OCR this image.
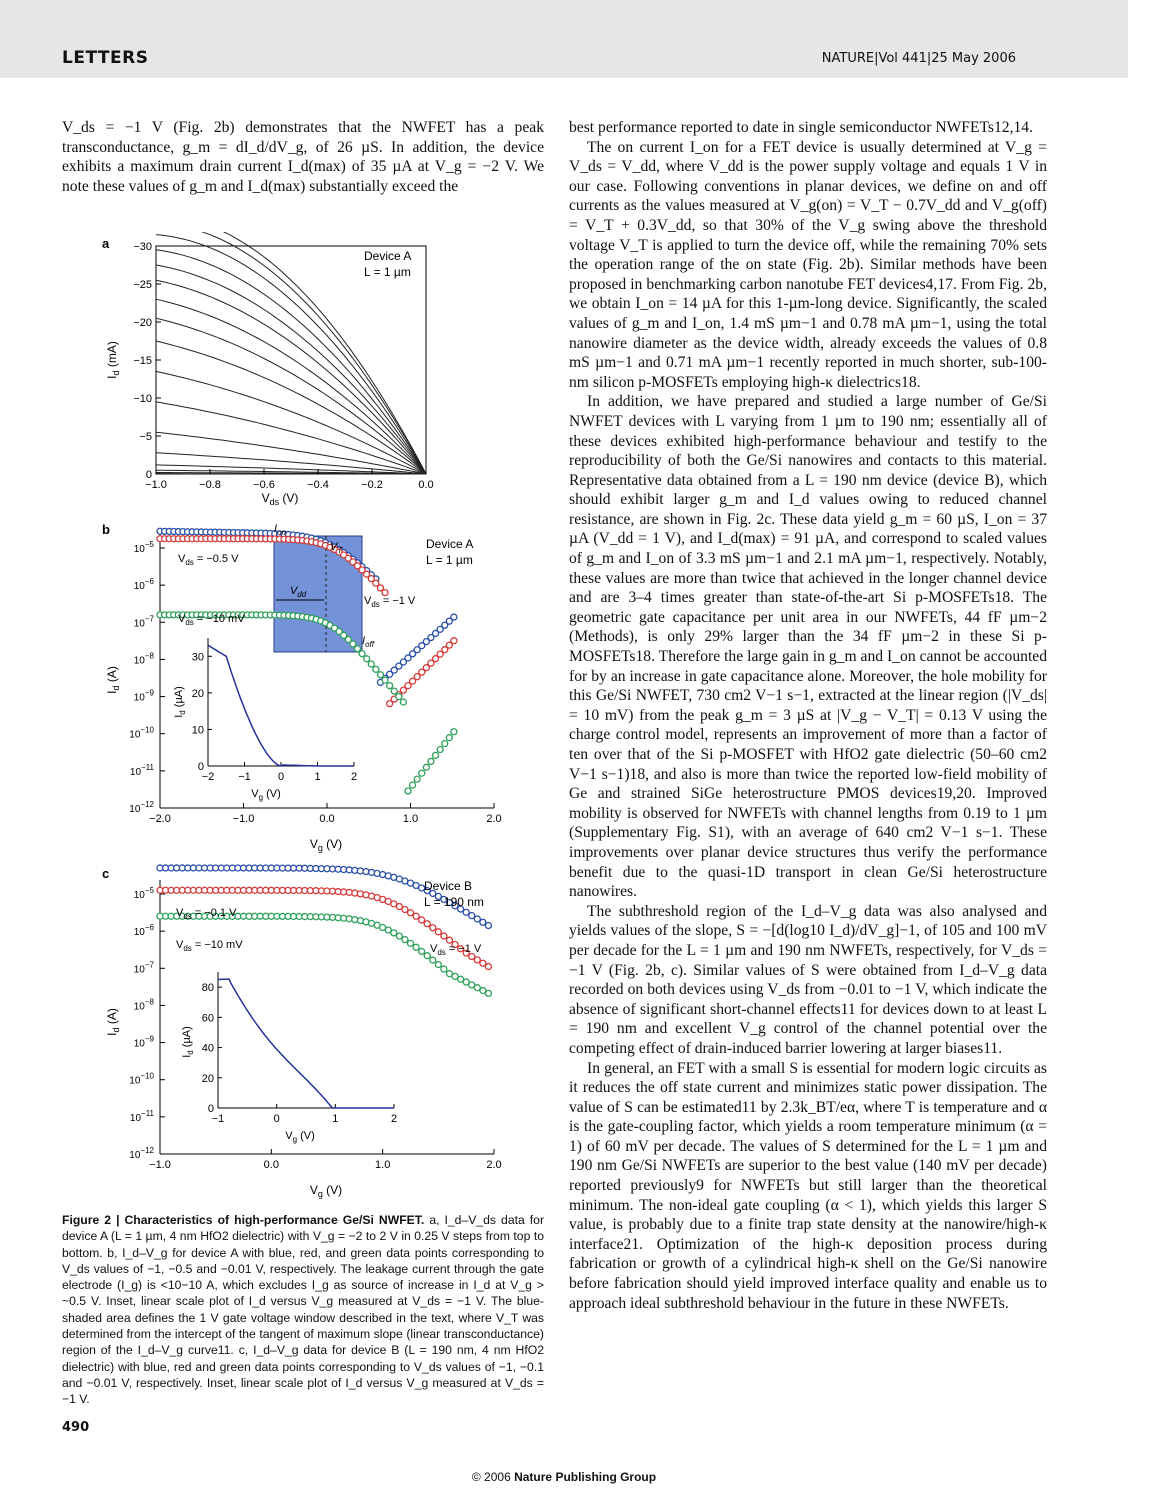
LETTERS	NATURE|Vol 441|25 May 2006

V_ds = −1 V (Fig. 2b) demonstrates that the NWFET has a peak transconductance, g_m = dI_d/dV_g, of 26 µS. In addition, the device exhibits a maximum drain current I_d(max) of 35 µA at V_g = −2 V. We note these values of g_m and I_d(max) substantially exceed the

a
b
c
−1.0	−0.8	−0.6	−0.4	−0.2	0.0
0
−5
−10
−15
−20
−25
−30
Device A
L = 1 µm
$V_{ds}$ (V)
$I_d$ (mA)
$10^{-5}$
$10^{-6}$
$10^{-7}$
$10^{-8}$
$10^{-9}$
$10^{-10}$
$10^{-11}$
$10^{-12}$
−2.0	−1.0	0.0	1.0	2.0
$I_{on}$
$I_{off}$
$V_T$
$V_{dd}$
$V_{ds} = -0.5$ V
$V_{ds} = -10$ mV
$V_{ds} = -1$ V
Device A
L = 1 µm
$V_g$ (V)
$I_d$ (A)
−2 −1 0	1	2
0
10
20
30
$V_g$ (V)
$I_d$ (µA)
$10^{-5}$
$10^{-6}$
$10^{-7}$
$10^{-8}$
$10^{-9}$
$10^{-10}$
$10^{-11}$
$10^{-12}$
−1.0	0.0	1.0	2.0
$V_{ds} = -0.1$ V
$V_{ds} = -10$ mV	$V_{ds} = -1$ V
Device B
L = 190 nm
$V_g$ (V)
$I_d$ (A)
−1	0	1	2
0
20
40
60
80
$V_g$ (V)
$I_d$ (µA)

Figure 2 | Characteristics of high-performance Ge/Si NWFET. a, I_d–V_ds data for device A (L = 1 µm, 4 nm HfO2 dielectric) with V_g = −2 to 2 V in 0.25 V steps from top to bottom. b, I_d–V_g for device A with blue, red, and green data points corresponding to V_ds values of −1, −0.5 and −0.01 V, respectively. The leakage current through the gate electrode (I_g) is <10−10 A, which excludes I_g as source of increase in I_d at V_g > ~0.5 V. Inset, linear scale plot of I_d versus V_g measured at V_ds = −1 V. The blue-shaded area defines the 1 V gate voltage window described in the text, where V_T was determined from the intercept of the tangent of maximum slope (linear transconductance) region of the I_d–V_g curve11. c, I_d–V_g data for device B (L = 190 nm, 4 nm HfO2 dielectric) with blue, red and green data points corresponding to V_ds values of −1, −0.1 and −0.01 V, respectively. Inset, linear scale plot of I_d versus V_g measured at V_ds = −1 V.

best performance reported to date in single semiconductor NWFETs12,14.

The on current I_on for a FET device is usually determined at V_g = V_ds = V_dd, where V_dd is the power supply voltage and equals 1 V in our case. Following conventions in planar devices, we define on and off currents as the values measured at V_g(on) = V_T − 0.7V_dd and V_g(off) = V_T + 0.3V_dd, so that 30% of the V_g swing above the threshold voltage V_T is applied to turn the device off, while the remaining 70% sets the operation range of the on state (Fig. 2b). Similar methods have been proposed in benchmarking carbon nanotube FET devices4,17. From Fig. 2b, we obtain I_on = 14 µA for this 1-µm-long device. Significantly, the scaled values of g_m and I_on, 1.4 mS µm−1 and 0.78 mA µm−1, using the total nanowire diameter as the device width, already exceeds the values of 0.8 mS µm−1 and 0.71 mA µm−1 recently reported in much shorter, sub-100-nm silicon p-MOSFETs employing high-κ dielectrics18.

In addition, we have prepared and studied a large number of Ge/Si NWFET devices with L varying from 1 µm to 190 nm; essentially all of these devices exhibited high-performance behaviour and testify to the reproducibility of both the Ge/Si nanowires and contacts to this material. Representative data obtained from a L = 190 nm device (device B), which should exhibit larger g_m and I_d values owing to reduced channel resistance, are shown in Fig. 2c. These data yield g_m = 60 µS, I_on = 37 µA (V_dd = 1 V), and I_d(max) = 91 µA, and correspond to scaled values of g_m and I_on of 3.3 mS µm−1 and 2.1 mA µm−1, respectively. Notably, these values are more than twice that achieved in the longer channel device and are 3–4 times greater than state-of-the-art Si p-MOSFETs18. The geometric gate capacitance per unit area in our NWFETs, 44 fF µm−2 (Methods), is only 29% larger than the 34 fF µm−2 in these Si p-MOSFETs18. Therefore the large gain in g_m and I_on cannot be accounted for by an increase in gate capacitance alone. Moreover, the hole mobility for this Ge/Si NWFET, 730 cm2 V−1 s−1, extracted at the linear region (|V_ds| = 10 mV) from the peak g_m = 3 µS at |V_g − V_T| = 0.13 V using the charge control model, represents an improvement of more than a factor of ten over that of the Si p-MOSFET with HfO2 gate dielectric (50–60 cm2 V−1 s−1)18, and also is more than twice the reported low-field mobility of Ge and strained SiGe heterostructure PMOS devices19,20. Improved mobility is observed for NWFETs with channel lengths from 0.19 to 1 µm (Supplementary Fig. S1), with an average of 640 cm2 V−1 s−1. These improvements over planar device structures thus verify the performance benefit due to the quasi-1D transport in clean Ge/Si heterostructure nanowires.

The subthreshold region of the I_d–V_g data was also analysed and yields values of the slope, S = −[d(log10 I_d)/dV_g]−1, of 105 and 100 mV per decade for the L = 1 µm and 190 nm NWFETs, respectively, for V_ds = −1 V (Fig. 2b, c). Similar values of S were obtained from I_d–V_g data recorded on both devices using V_ds from −0.01 to −1 V, which indicate the absence of significant short-channel effects11 for devices down to at least L = 190 nm and excellent V_g control of the channel potential over the competing effect of drain-induced barrier lowering at larger biases11.

In general, an FET with a small S is essential for modern logic circuits as it reduces the off state current and minimizes static power dissipation. The value of S can be estimated11 by 2.3k_BT/eα, where T is temperature and α is the gate-coupling factor, which yields a room temperature minimum (α = 1) of 60 mV per decade. The values of S determined for the L = 1 µm and 190 nm Ge/Si NWFETs are superior to the best value (140 mV per decade) reported previously9 for NWFETs but still larger than the theoretical minimum. The non-ideal gate coupling (α < 1), which yields this larger S value, is probably due to a finite trap state density at the nanowire/high-κ interface21. Optimization of the high-κ deposition process during fabrication or growth of a cylindrical high-κ shell on the Ge/Si nanowire before fabrication should yield improved interface quality and enable us to approach ideal subthreshold behaviour in the future in these NWFETs.

490
© 2006 Nature Publishing Group
